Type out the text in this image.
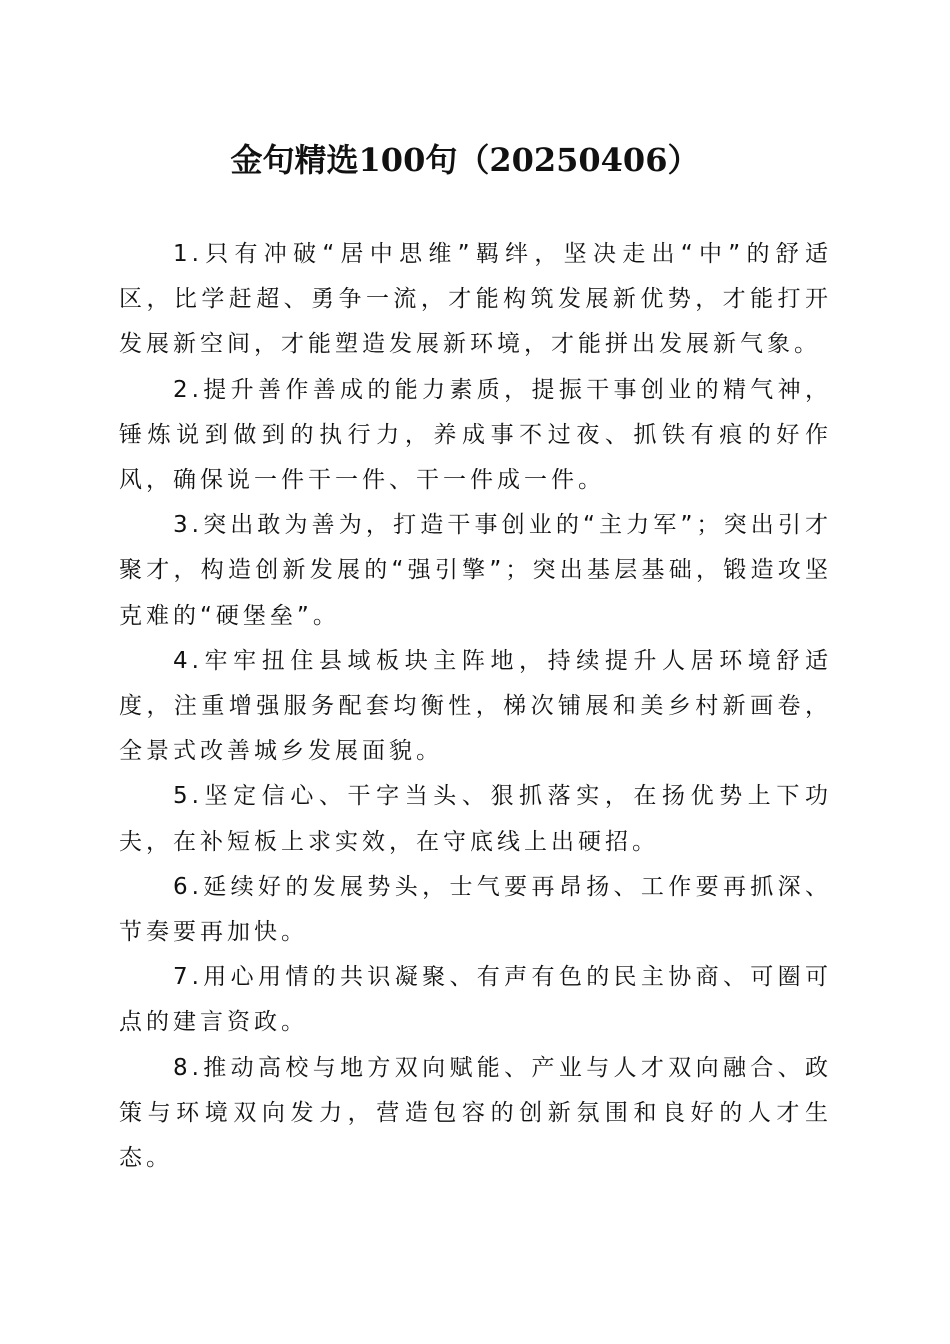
金句精选100句（20250406）

1.只有冲破“居中思维”羁绊，坚决走出“中”的舒适区，比学赶超、勇争一流，才能构筑发展新优势，才能打开发展新空间，才能塑造发展新环境，才能拼出发展新气象。

2.提升善作善成的能力素质，提振干事创业的精气神，锤炼说到做到的执行力，养成事不过夜、抓铁有痕的好作风，确保说一件干一件、干一件成一件。

3.突出敢为善为，打造干事创业的“主力军”；突出引才聚才，构造创新发展的“强引擎”；突出基层基础，锻造攻坚克难的“硬堡垒”。

4.牢牢扭住县域板块主阵地，持续提升人居环境舒适度，注重增强服务配套均衡性，梯次铺展和美乡村新画卷，全景式改善城乡发展面貌。

5.坚定信心、干字当头、狠抓落实，在扬优势上下功夫，在补短板上求实效，在守底线上出硬招。

6.延续好的发展势头，士气要再昂扬、工作要再抓深、节奏要再加快。

7.用心用情的共识凝聚、有声有色的民主协商、可圈可点的建言资政。

8.推动高校与地方双向赋能、产业与人才双向融合、政策与环境双向发力，营造包容的创新氛围和良好的人才生态。
